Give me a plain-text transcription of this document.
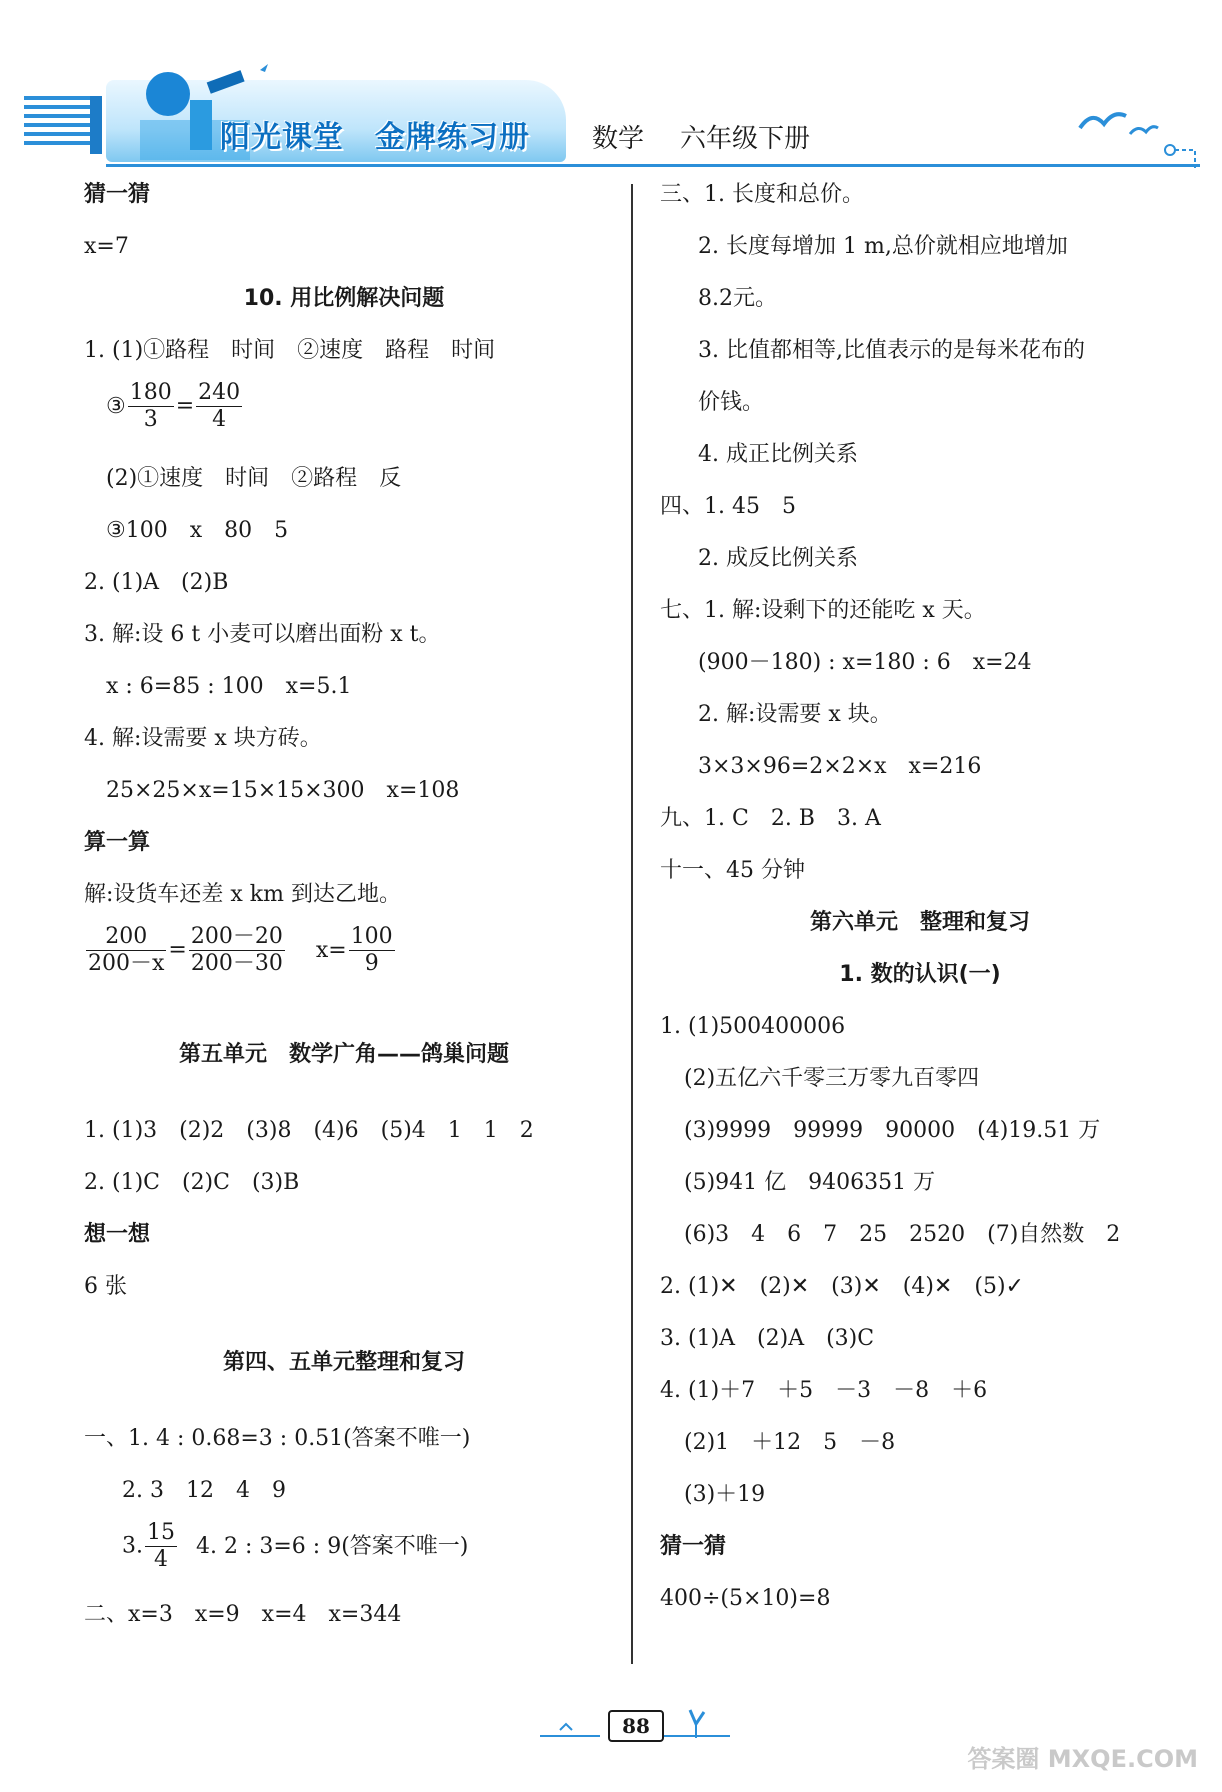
阳光课堂　金牌练习册 数学 六年级下册
猜一猜
x=7
10. 用比例解决问题
1. (1)①路程　时间　②速度　路程　时间
③ $\frac{180}{3} = \frac{240}{4}$
(2)①速度　时间　②路程　反
③100　x　80　5
2. (1)A　(2)B
3. 解:设 6 t 小麦可以磨出面粉 x t。
x : 6=85 : 100　x=5.1
4. 解:设需要 x 块方砖。
25×25×x=15×15×300　x=108
算一算
解:设货车还差 x km 到达乙地。
$\frac{200}{200-x} = \frac{200-20}{200-30} x= \frac{100}{9}$
第五单元　数学广角——鸽巢问题
1. (1)3　(2)2　(3)8　(4)6　(5)4　1　1　2
2. (1)C　(2)C　(3)B
想一想
6 张
第四、五单元整理和复习
一、1. 4 : 0.68=3 : 0.51(答案不唯一)
2. 3　12　4　9
3. $\frac{15}{4} 4$. 2 : 3=6 : 9(答案不唯一)
二、x=3　x=9　x=4　x=344
三、1. 长度和总价。
2. 长度每增加 1 m,总价就相应地增加
8.2元。
3. 比值都相等,比值表示的是每米花布的
价钱。
4. 成正比例关系
四、1. 45　5
2. 成反比例关系
七、1. 解:设剩下的还能吃 x 天。
(900－180) : x=180 : 6　x=24
2. 解:设需要 x 块。
3×3×96=2×2×x　x=216
九、1. C　2. B　3. A
十一、45 分钟
第六单元　整理和复习
1. 数的认识(一)
1. (1)500400006
(2)五亿六千零三万零九百零四
(3)9999　99999　90000　(4)19.51 万
(5)941 亿　9406351 万
(6)3　4　6　7　25　2520　(7)自然数　2
2. (1)✕　(2)✕　(3)✕　(4)✕　(5)✓
3. (1)A　(2)A　(3)C
4. (1)＋7　＋5　－3　－8　＋6
(2)1　＋12　5　－8
(3)＋19
猜一猜
400÷(5×10)=8
88
答案圈 MXQE.COM
